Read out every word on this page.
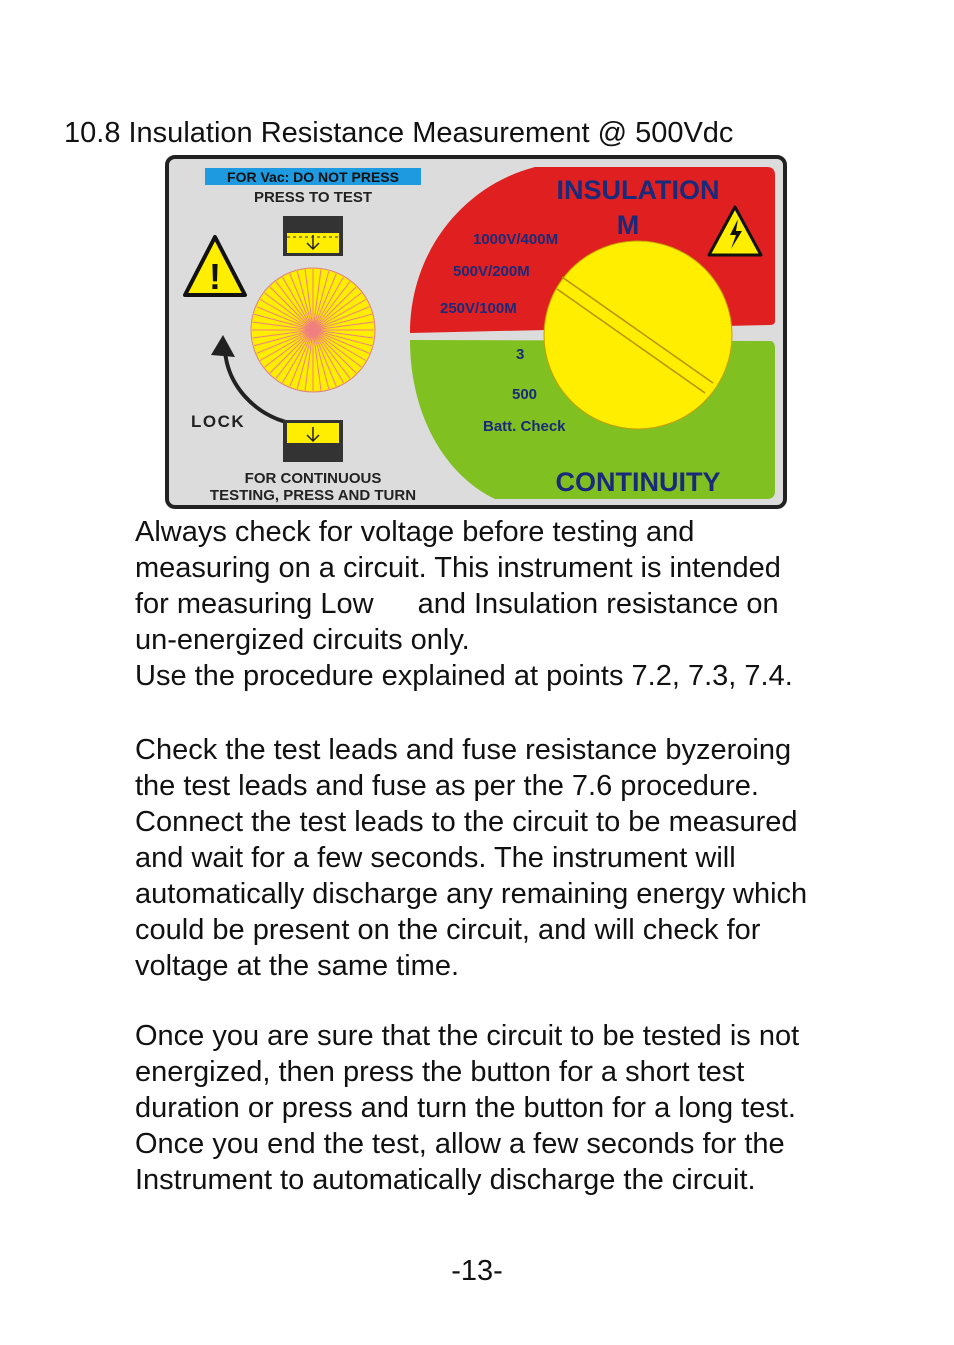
10.8 Insulation Resistance Measurement @ 500Vdc
FOR Vac: DO NOT PRESS
PRESS TO TEST
!
LOCK
FOR CONTINUOUS
TESTING, PRESS AND TURN
INSULATION
M
1000V/400M
500V/200M
250V/100M
3
500
Batt. Check
CONTINUITY
Always check for voltage before testing and
measuring on a circuit. This instrument is intended
for measuring Low and Insulation resistance on
un-energized circuits only.
Use the procedure explained at points 7.2, 7.3, 7.4.
Check the test leads and fuse resistance byzeroing
the test leads and fuse as per the 7.6 procedure.
Connect the test leads to the circuit to be measured
and wait for a few seconds. The instrument will
automatically discharge any remaining energy which
could be present on the circuit, and will check for
voltage at the same time.
Once you are sure that the circuit to be tested is not
energized, then press the button for a short test
duration or press and turn the button for a long test.
Once you end the test, allow a few seconds for the
Instrument to automatically discharge the circuit.
-13-
